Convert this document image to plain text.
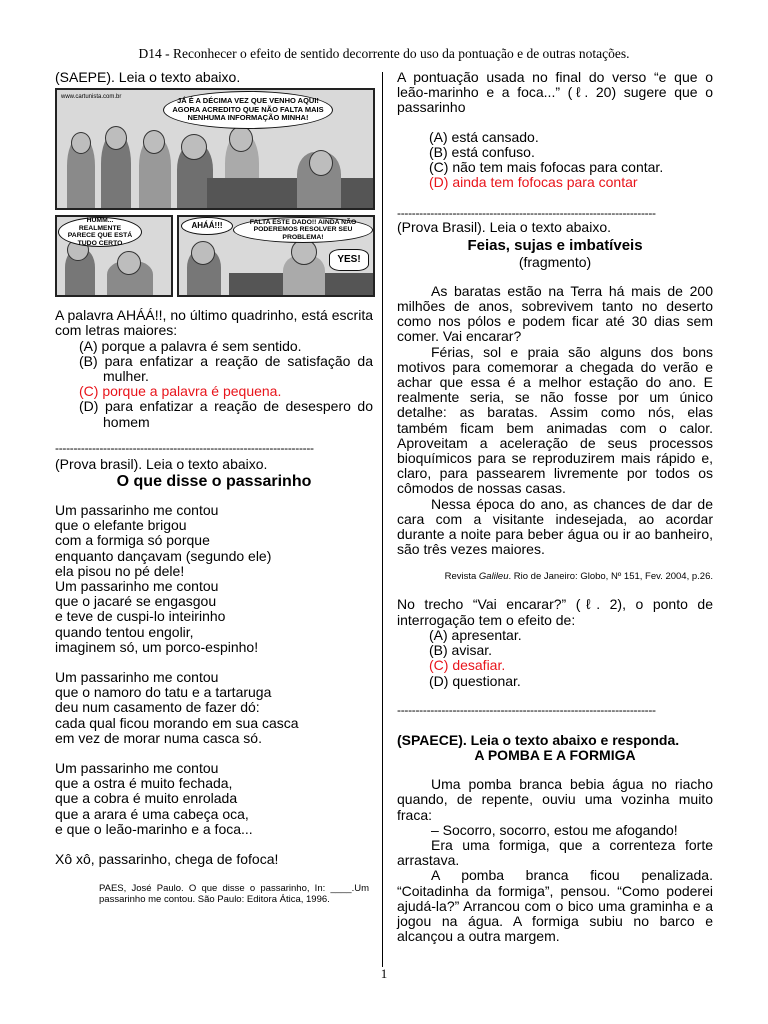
D14 - Reconhecer o efeito de sentido decorrente do uso da pontuação e de outras notações.

(SAEPE). Leia o texto abaixo.

www.cartunista.com.br	JÁ É A DÉCIMA VEZ QUE VENHO AQUI! AGORA ACREDITO QUE NÃO FALTA MAIS NENHUMA INFORMAÇÃO MINHA!
HUMM... REALMENTE PARECE QUE ESTÁ TUDO CERTO
AHÁÁ!!!	FALTA ESTE DADO!! AINDA NÃO PODEREMOS RESOLVER SEU PROBLEMA!
YES!

A palavra AHÁÁ!!, no último quadrinho, está escrita com letras maiores:

(A) porque a palavra é sem sentido.

(B) para enfatizar a reação de satisfação da mulher.

(C) porque a palavra é pequena.

(D) para enfatizar a reação de desespero do homem

----------------------------------------------------------------------

(Prova brasil). Leia o texto abaixo.

O que disse o passarinho

Um passarinho me contou
que o elefante brigou
com a formiga só porque
enquanto dançavam (segundo ele)
ela pisou no pé dele!
Um passarinho me contou
que o jacaré se engasgou
e teve de cuspi-lo inteirinho
quando tentou engolir,
imaginem só, um porco-espinho!
Um passarinho me contou
que o namoro do tatu e a tartaruga
deu num casamento de fazer dó:
cada qual ficou morando em sua casca
em vez de morar numa casca só.
Um passarinho me contou
que a ostra é muito fechada,
que a cobra é muito enrolada
que a arara é uma cabeça oca,
e que o leão-marinho e a foca...

Xô xô, passarinho, chega de fofoca!

PAES, José Paulo. O que disse o passarinho, In: ____.Um passarinho me contou. São Paulo: Editora Ática, 1996.

A pontuação usada no final do verso “e que o leão-marinho e a foca...” (ℓ. 20) sugere que o passarinho

(A) está cansado.

(B) está confuso.

(C) não tem mais fofocas para contar.

(D) ainda tem fofocas para contar

----------------------------------------------------------------------

(Prova Brasil). Leia o texto abaixo.

Feias, sujas e imbatíveis

(fragmento)

As baratas estão na Terra há mais de 200 milhões de anos, sobrevivem tanto no deserto como nos pólos e podem ficar até 30 dias sem comer. Vai encarar?

Férias, sol e praia são alguns dos bons motivos para comemorar a chegada do verão e achar que essa é a melhor estação do ano. E realmente seria, se não fosse por um único detalhe: as baratas. Assim como nós, elas também ficam bem animadas com o calor. Aproveitam a aceleração de seus processos bioquímicos para se reproduzirem mais rápido e, claro, para passearem livremente por todos os cômodos de nossas casas.

Nessa época do ano, as chances de dar de cara com a visitante indesejada, ao acordar durante a noite para beber água ou ir ao banheiro, são três vezes maiores.

Revista Galileu. Rio de Janeiro: Globo, Nº 151, Fev. 2004, p.26.

No trecho “Vai encarar?” (ℓ. 2), o ponto de interrogação tem o efeito de:

(A) apresentar.

(B) avisar.

(C) desafiar.

(D) questionar.

----------------------------------------------------------------------

(SPAECE). Leia o texto abaixo e responda.

A POMBA E A FORMIGA

Uma pomba branca bebia água no riacho quando, de repente, ouviu uma vozinha muito fraca:

– Socorro, socorro, estou me afogando!

Era uma formiga, que a correnteza forte arrastava.

A pomba branca ficou penalizada. “Coitadinha da formiga”, pensou. “Como poderei ajudá-la?” Arrancou com o bico uma graminha e a jogou na água. A formiga subiu no barco e alcançou a outra margem.

1
